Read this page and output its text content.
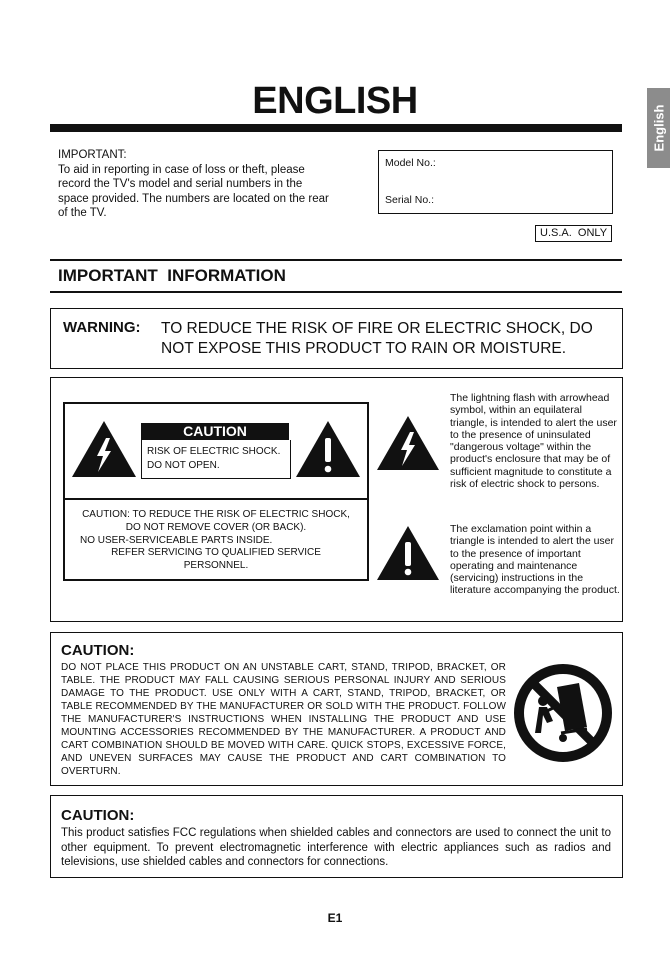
ENGLISH
English
IMPORTANT:
To aid in reporting in case of loss or theft, please record the TV's model and serial numbers in the space provided. The numbers are located on the rear of the TV.
Model No.:
Serial No.:
U.S.A.  ONLY
IMPORTANT  INFORMATION
WARNING: TO REDUCE THE RISK OF FIRE OR ELECTRIC SHOCK, DO NOT EXPOSE THIS PRODUCT TO RAIN OR MOISTURE.
CAUTION
RISK OF ELECTRIC SHOCK.
DO NOT OPEN.
CAUTION: TO REDUCE THE RISK OF ELECTRIC SHOCK,
DO NOT REMOVE COVER (OR BACK).
NO USER-SERVICEABLE PARTS INSIDE.
REFER SERVICING TO QUALIFIED SERVICE
PERSONNEL.
The lightning flash with arrowhead symbol, within an equilateral triangle, is intended to alert the user to the presence of uninsulated "dangerous voltage" within the product's enclosure that may be of sufficient magnitude to constitute a risk of electric shock to persons.
The exclamation point within a triangle is intended to alert the user to the presence of important operating and maintenance (servicing) instructions in the literature accompanying the product.
CAUTION:
DO NOT PLACE THIS PRODUCT ON AN UNSTABLE CART, STAND, TRIPOD, BRACKET, OR TABLE. THE PRODUCT MAY FALL CAUSING SERIOUS PERSONAL INJURY AND SERIOUS DAMAGE TO THE PRODUCT. USE ONLY WITH A CART, STAND, TRIPOD, BRACKET, OR TABLE RECOMMENDED BY THE MANUFACTURER OR SOLD WITH THE PRODUCT. FOLLOW THE MANUFACTURER'S INSTRUCTIONS WHEN INSTALLING THE PRODUCT AND USE MOUNTING ACCESSORIES RECOMMENDED BY THE MANUFACTURER. A PRODUCT AND CART COMBINATION SHOULD BE MOVED WITH CARE. QUICK STOPS, EXCESSIVE FORCE, AND UNEVEN SURFACES MAY CAUSE THE PRODUCT AND CART COMBINATION TO OVERTURN.
CAUTION:
This product satisfies FCC regulations when shielded cables and connectors are used to connect the unit to other equipment. To prevent electromagnetic interference with electric appliances such as radios and televisions, use shielded cables and connectors for connections.
E1
